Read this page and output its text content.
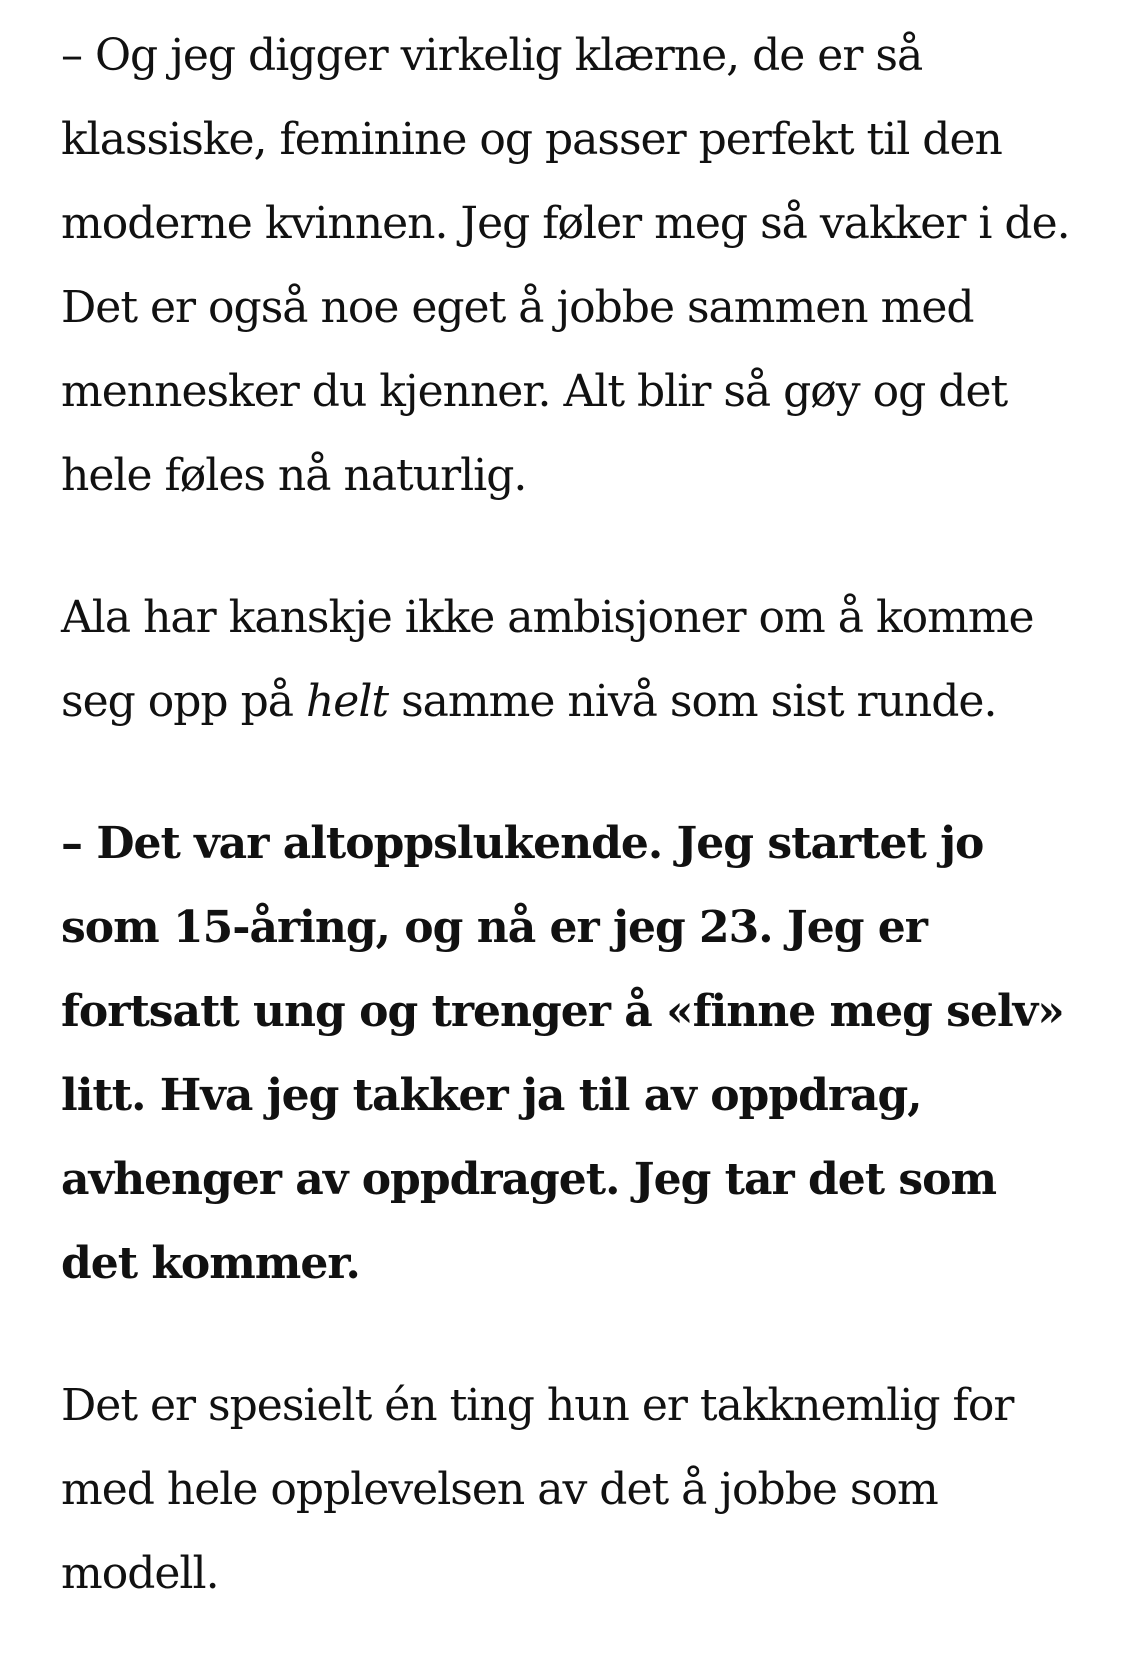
– Og jeg digger virkelig klærne, de er så klassiske, feminine og passer perfekt til den moderne kvinnen. Jeg føler meg så vakker i de. Det er også noe eget å jobbe sammen med mennesker du kjenner. Alt blir så gøy og det hele føles nå naturlig.

Ala har kanskje ikke ambisjoner om å komme seg opp på helt samme nivå som sist runde.

– Det var altoppslukende. Jeg startet jo som 15-åring, og nå er jeg 23. Jeg er fortsatt ung og trenger å «finne meg selv» litt. Hva jeg takker ja til av oppdrag, avhenger av oppdraget. Jeg tar det som det kommer.

Det er spesielt én ting hun er takknemlig for med hele opplevelsen av det å jobbe som modell.
